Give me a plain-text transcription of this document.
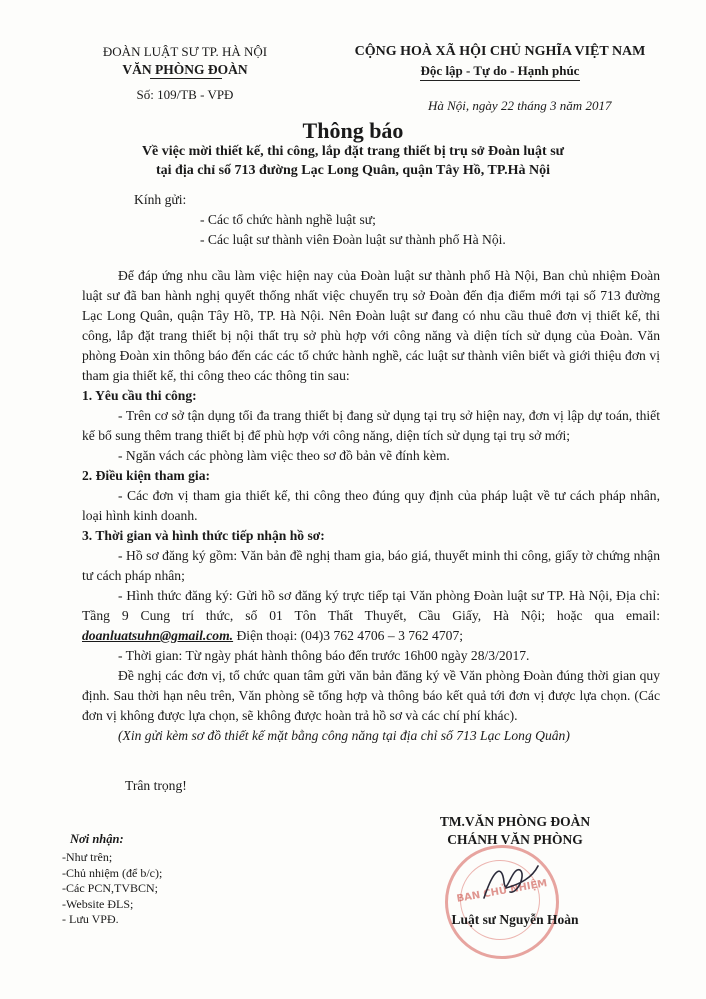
ĐOÀN LUẬT SƯ TP. HÀ NỘI
VĂN PHÒNG ĐOÀN
Số: 109/TB - VPĐ
CỘNG HOÀ XÃ HỘI CHỦ NGHĨA VIỆT NAM
Độc lập - Tự do - Hạnh phúc
Hà Nội, ngày 22 tháng 3 năm 2017
Thông báo
Về việc mời thiết kế, thi công, lắp đặt trang thiết bị trụ sở Đoàn luật sư
tại địa chỉ số 713 đường Lạc Long Quân, quận Tây Hồ, TP.Hà Nội
Kính gửi:
- Các tổ chức hành nghề luật sư;
- Các luật sư thành viên Đoàn luật sư thành phố Hà Nội.

Để đáp ứng nhu cầu làm việc hiện nay của Đoàn luật sư thành phố Hà Nội, Ban chủ nhiệm Đoàn luật sư đã ban hành nghị quyết thống nhất việc chuyển trụ sở Đoàn đến địa điểm mới tại số 713 đường Lạc Long Quân, quận Tây Hồ, TP. Hà Nội. Nên Đoàn luật sư đang có nhu cầu thuê đơn vị thiết kế, thi công, lắp đặt trang thiết bị nội thất trụ sở phù hợp với công năng và diện tích sử dụng của Đoàn. Văn phòng Đoàn xin thông báo đến các các tổ chức hành nghề, các luật sư thành viên biết và giới thiệu đơn vị tham gia thiết kế, thi công theo các thông tin sau:

1. Yêu cầu thi công:

- Trên cơ sở tận dụng tối đa trang thiết bị đang sử dụng tại trụ sở hiện nay, đơn vị lập dự toán, thiết kế bổ sung thêm trang thiết bị để phù hợp với công năng, diện tích sử dụng tại trụ sở mới;

- Ngăn vách các phòng làm việc theo sơ đồ bản vẽ đính kèm.

2. Điều kiện tham gia:

- Các đơn vị tham gia thiết kế, thi công theo đúng quy định của pháp luật về tư cách pháp nhân, loại hình kinh doanh.

3. Thời gian và hình thức tiếp nhận hồ sơ:

- Hồ sơ đăng ký gồm: Văn bản đề nghị tham gia, báo giá, thuyết minh thi công, giấy tờ chứng nhận tư cách pháp nhân;

- Hình thức đăng ký: Gửi hồ sơ đăng ký trực tiếp tại Văn phòng Đoàn luật sư TP. Hà Nội, Địa chỉ: Tầng 9 Cung trí thức, số 01 Tôn Thất Thuyết, Cầu Giấy, Hà Nội; hoặc qua email: doanluatsuhn@gmail.com. Điện thoại: (04)3 762 4706 – 3 762 4707;

- Thời gian: Từ ngày phát hành thông báo đến trước 16h00 ngày 28/3/2017.

Đề nghị các đơn vị, tổ chức quan tâm gửi văn bản đăng ký về Văn phòng Đoàn đúng thời gian quy định. Sau thời hạn nêu trên, Văn phòng sẽ tổng hợp và thông báo kết quả tới đơn vị được lựa chọn. (Các đơn vị không được lựa chọn, sẽ không được hoàn trả hồ sơ và các chí phí khác).

(Xin gửi kèm sơ đồ thiết kế mặt bằng công năng tại địa chỉ số 713 Lạc Long Quân)

Trân trọng!
Nơi nhận:
-Như trên;
-Chủ nhiệm (để b/c);
-Các PCN,TVBCN;
-Website ĐLS;
- Lưu VPĐ.
TM.VĂN PHÒNG ĐOÀN
CHÁNH VĂN PHÒNG
BAN CHỦ NHIỆM
Luật sư Nguyễn Hoàn
